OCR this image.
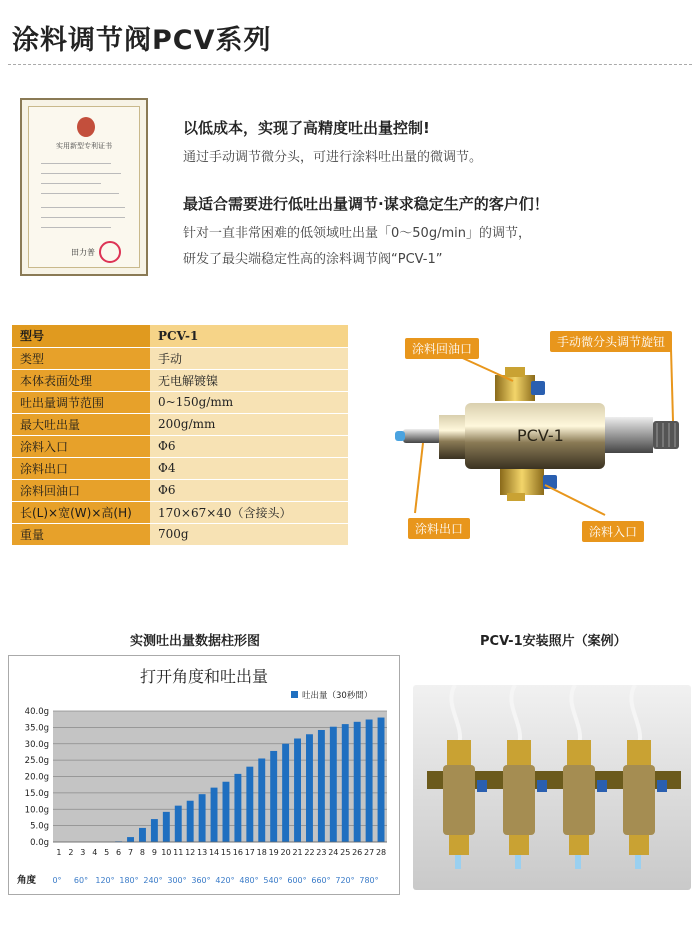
涂料调节阀PCV系列
实用新型专利证书
田力普
以低成本，实现了高精度吐出量控制!
通过手动调节微分头，可进行涂料吐出量的微调节。
最适合需要进行低吐出量调节·谋求稳定生产的客户们！
针对一直非常困难的低领域吐出量「0～50g/min」的调节，
研发了最尖端稳定性高的涂料调节阀“PCV-1”
型号	PCV-1
类型	手动
本体表面处理	无电解镀镍
吐出量调节范围	0~150g/mm
最大吐出量	200g/mm
涂料入口	Φ6
涂料出口	Φ4
涂料回油口	Φ6
长(L)×宽(W)×高(H)	170×67×40（含接头）
重量	700g
PCV-1
涂料回油口	手动微分头调节旋钮
涂料出口	涂料入口
实测吐出量数据柱形图
打开角度和吐出量
0.0g
5.0g
10.0g
15.0g
20.0g
25.0g
30.0g
35.0g
40.0g
吐出量（30秒間）
1 2 3 4 5 6 7 8 9 10 11 12 13 14 15 16 17 18 19 20 21 22 23 24 25 26 27 28
角度 0° 60° 120° 180° 240° 300° 360° 420° 480° 540° 600° 660° 720° 780°
PCV-1安装照片（案例）
